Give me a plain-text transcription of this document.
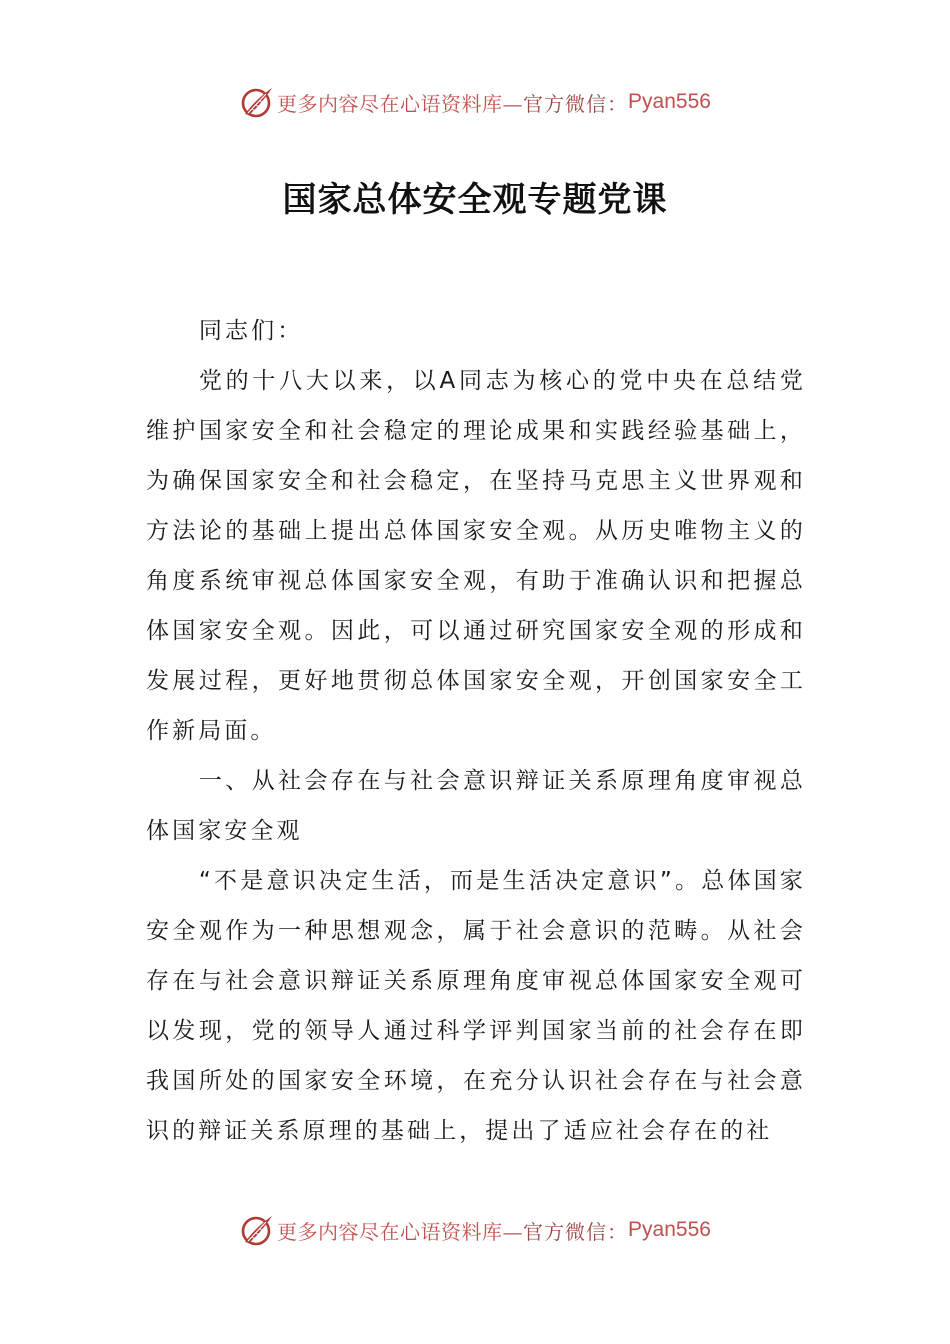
更多内容尽在心语资料库— 官方微信： Pyan556
国家总体安全观专题党课

同志们：

党的十八大以来，以A同志为核心的党中央在总结党维护国家安全和社会稳定的理论成果和实践经验基础上，为确保国家安全和社会稳定，在坚持马克思主义世界观和方法论的基础上提出总体国家安全观。从历史唯物主义的角度系统审视总体国家安全观，有助于准确认识和把握总体国家安全观。因此，可以通过研究国家安全观的形成和发展过程，更好地贯彻总体国家安全观，开创国家安全工作新局面。

一、从社会存在与社会意识辩证关系原理角度审视总体国家安全观

“不是意识决定生活，而是生活决定意识”。总体国家安全观作为一种思想观念，属于社会意识的范畴。从社会存在与社会意识辩证关系原理角度审视总体国家安全观可以发现，党的领导人通过科学评判国家当前的社会存在即我国所处的国家安全环境，在充分认识社会存在与社会意识的辩证关系原理的基础上，提出了适应社会存在的社

更多内容尽在心语资料库— 官方微信： Pyan556
